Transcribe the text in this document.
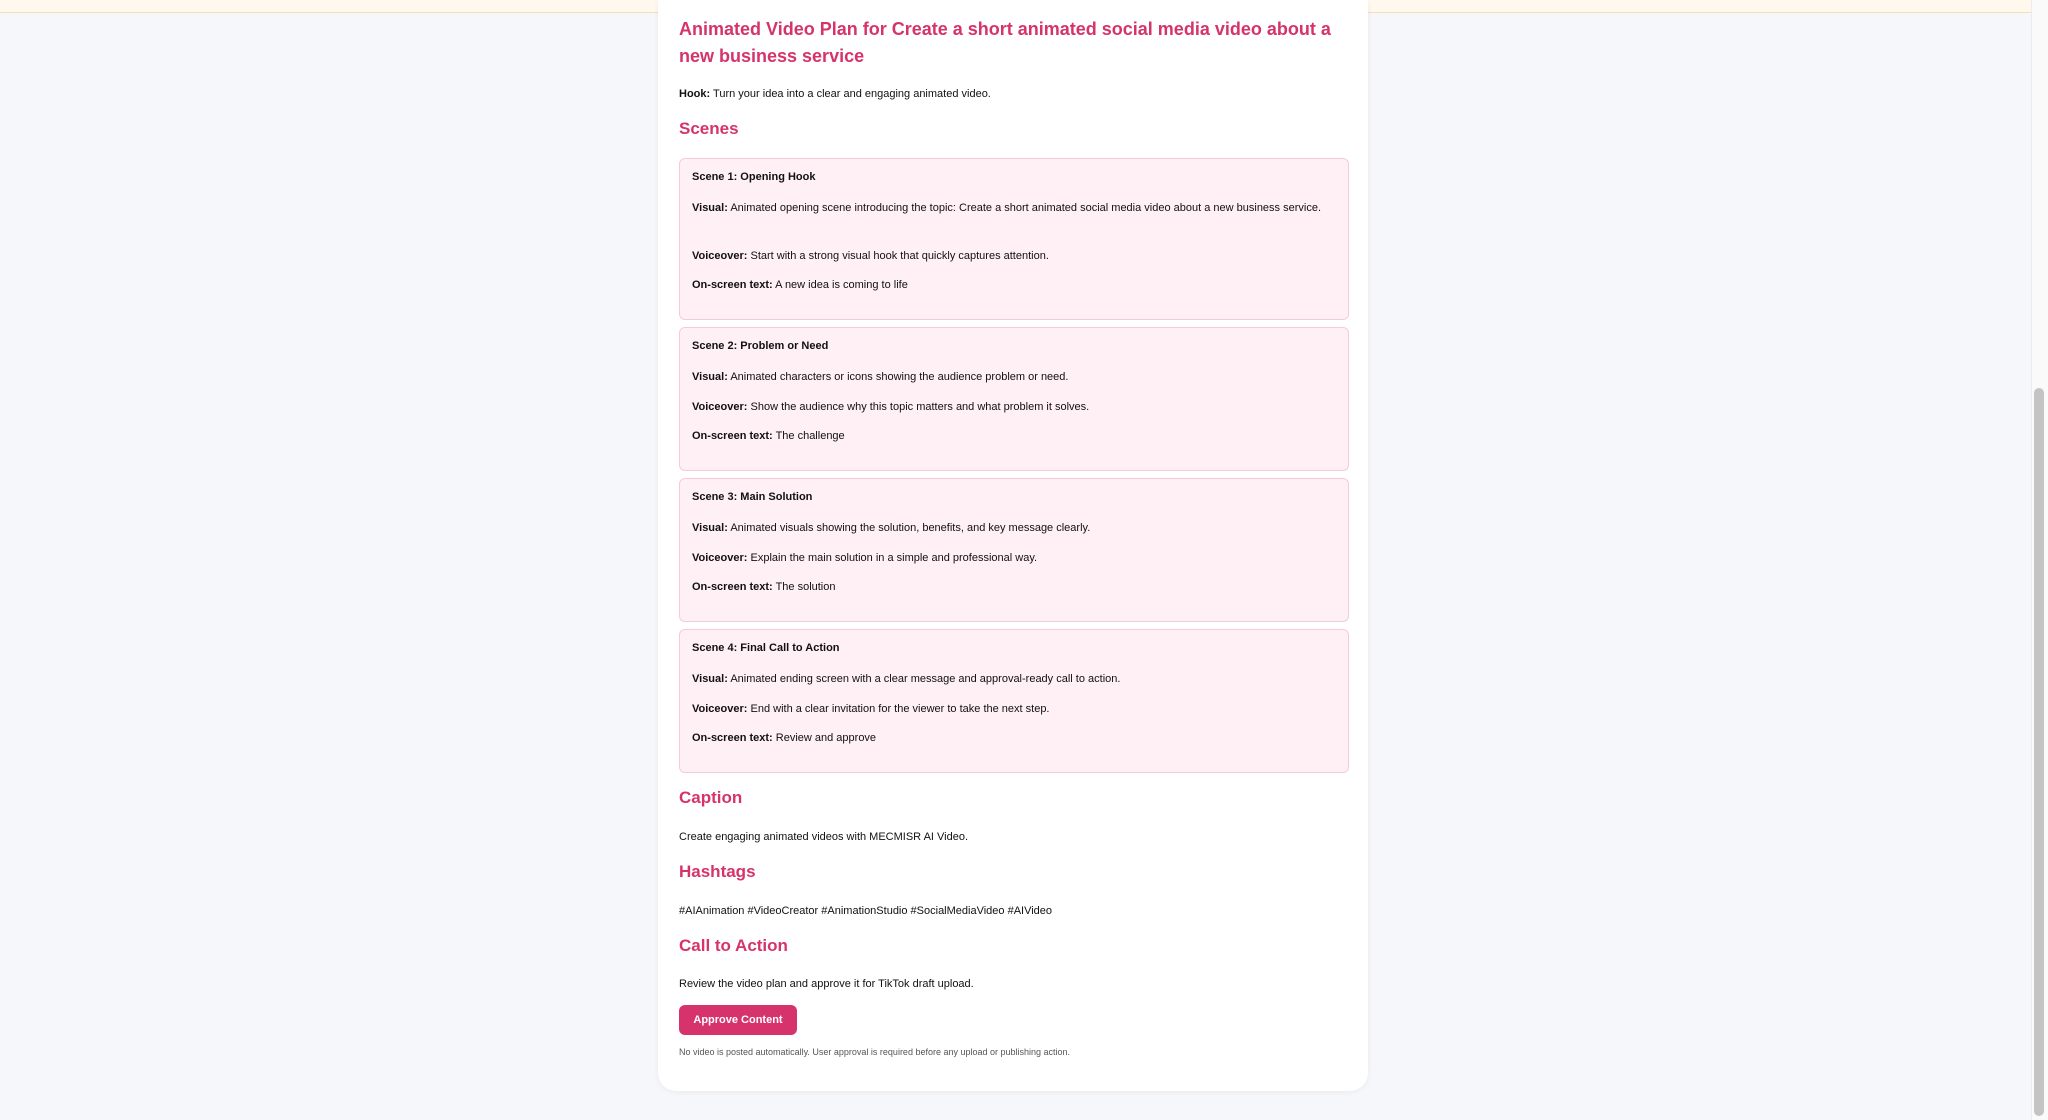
Animated Video Plan for Create a short animated social media video about a new business service
Hook: Turn your idea into a clear and engaging animated video.
Scenes
Scene 1: Opening Hook
Visual: Animated opening scene introducing the topic: Create a short animated social media video about a new business service.
Voiceover: Start with a strong visual hook that quickly captures attention.
On-screen text: A new idea is coming to life
Scene 2: Problem or Need
Visual: Animated characters or icons showing the audience problem or need.
Voiceover: Show the audience why this topic matters and what problem it solves.
On-screen text: The challenge
Scene 3: Main Solution
Visual: Animated visuals showing the solution, benefits, and key message clearly.
Voiceover: Explain the main solution in a simple and professional way.
On-screen text: The solution
Scene 4: Final Call to Action
Visual: Animated ending screen with a clear message and approval-ready call to action.
Voiceover: End with a clear invitation for the viewer to take the next step.
On-screen text: Review and approve
Caption
Create engaging animated videos with MECMISR AI Video.
Hashtags
#AIAnimation #VideoCreator #AnimationStudio #SocialMediaVideo #AIVideo
Call to Action
Review the video plan and approve it for TikTok draft upload.
Approve Content
No video is posted automatically. User approval is required before any upload or publishing action.
